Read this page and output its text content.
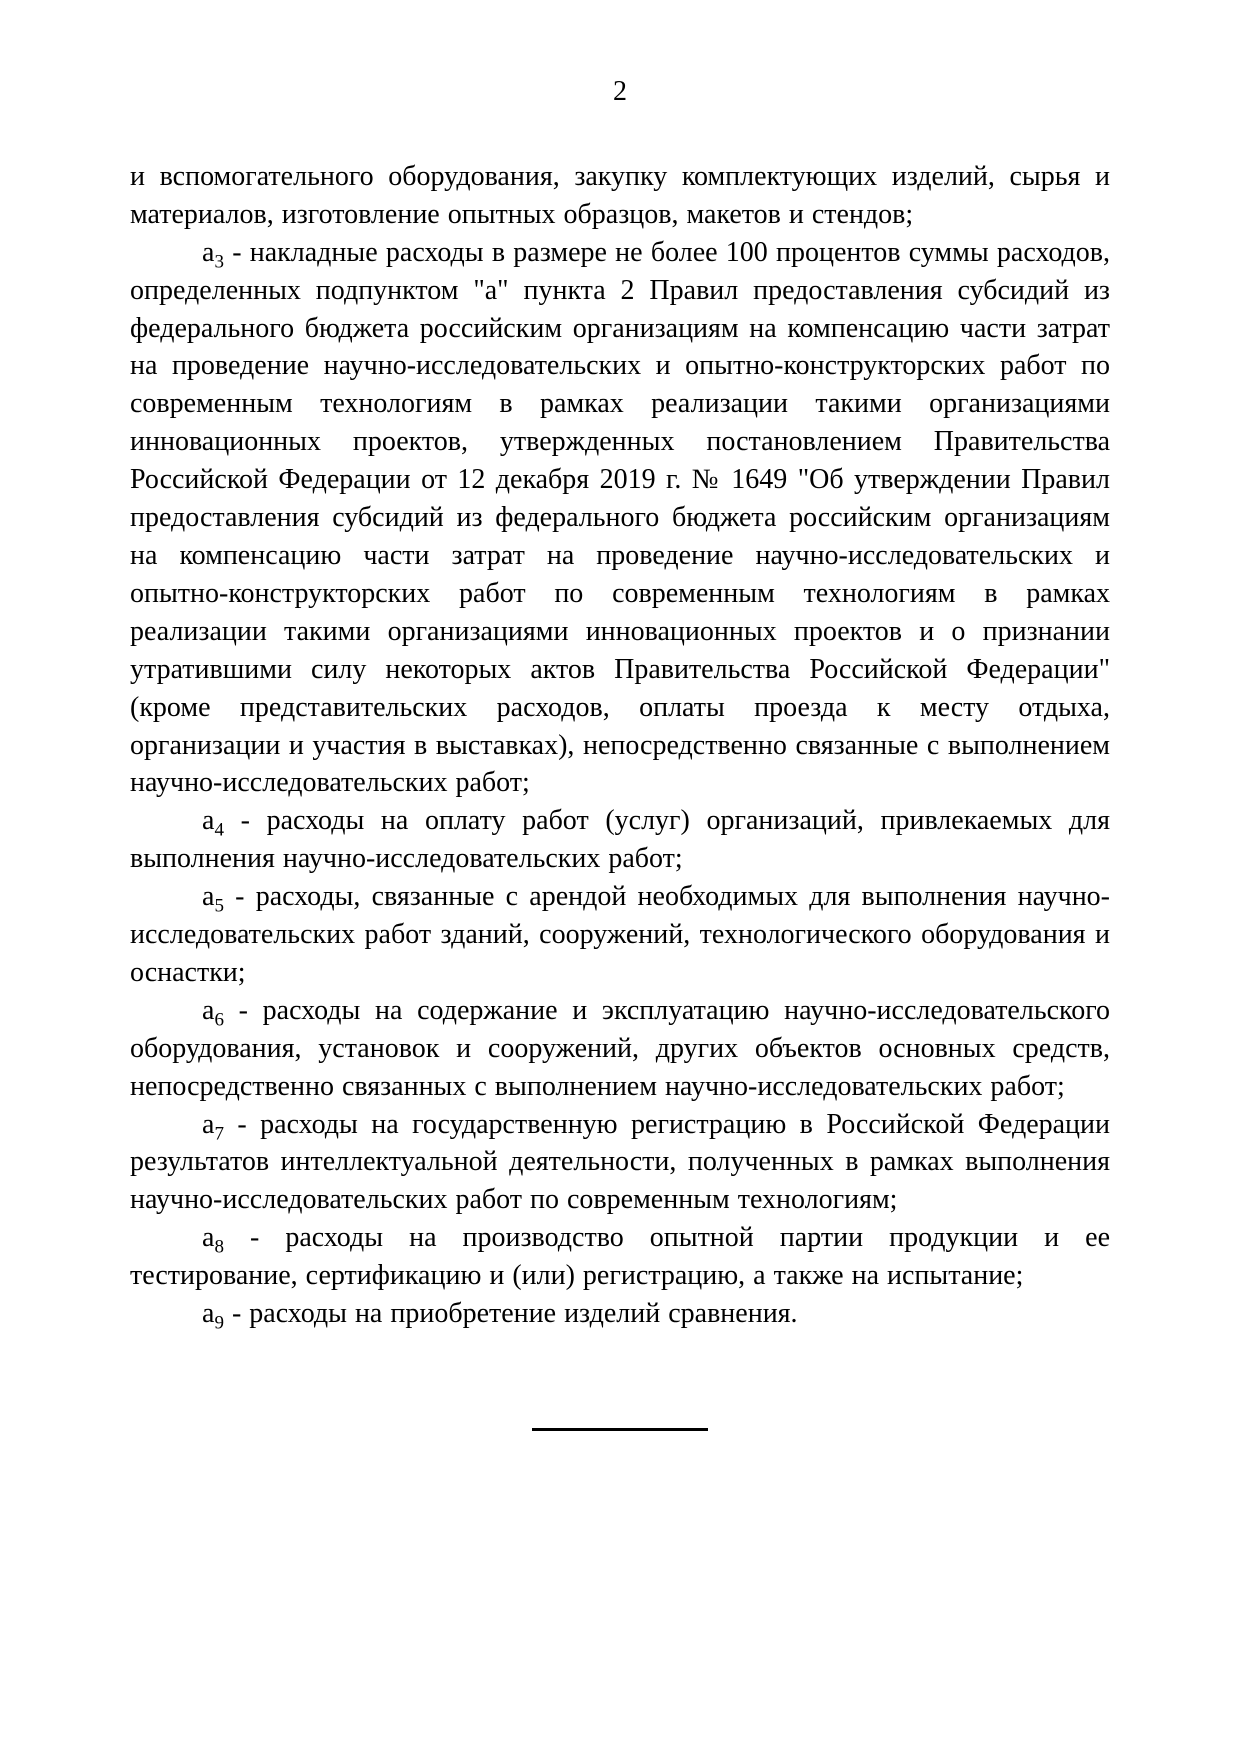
2

и вспомогательного оборудования, закупку комплектующих изделий, сырья и материалов, изготовление опытных образцов, макетов и стендов;

$а_3$ - накладные расходы в размере не более 100 процентов суммы расходов, определенных подпунктом "а" пункта 2 Правил предоставления субсидий из федерального бюджета российским организациям на компенсацию части затрат на проведение научно-исследовательских и опытно-конструкторских работ по современным технологиям в рамках реализации такими организациями инновационных проектов, утвержденных постановлением Правительства Российской Федерации от 12 декабря 2019 г. № 1649 "Об утверждении Правил предоставления субсидий из федерального бюджета российским организациям на компенсацию части затрат на проведение научно-исследовательских и опытно-конструкторских работ по современным технологиям в рамках реализации такими организациями инновационных проектов и о признании утратившими силу некоторых актов Правительства Российской Федерации" (кроме представительских расходов, оплаты проезда к месту отдыха, организации и участия в выставках), непосредственно связанные с выполнением научно-исследовательских работ;

$а_4$ - расходы на оплату работ (услуг) организаций, привлекаемых для выполнения научно-исследовательских работ;

$а_5$ - расходы, связанные с арендой необходимых для выполнения научно-исследовательских работ зданий, сооружений, технологического оборудования и оснастки;

$а_6$ - расходы на содержание и эксплуатацию научно-исследовательского оборудования, установок и сооружений, других объектов основных средств, непосредственно связанных с выполнением научно-исследовательских работ;

$а_7$ - расходы на государственную регистрацию в Российской Федерации результатов интеллектуальной деятельности, полученных в рамках выполнения научно-исследовательских работ по современным технологиям;

$а_8$ - расходы на производство опытной партии продукции и ее тестирование, сертификацию и (или) регистрацию, а также на испытание;

$а_9$ - расходы на приобретение изделий сравнения.
